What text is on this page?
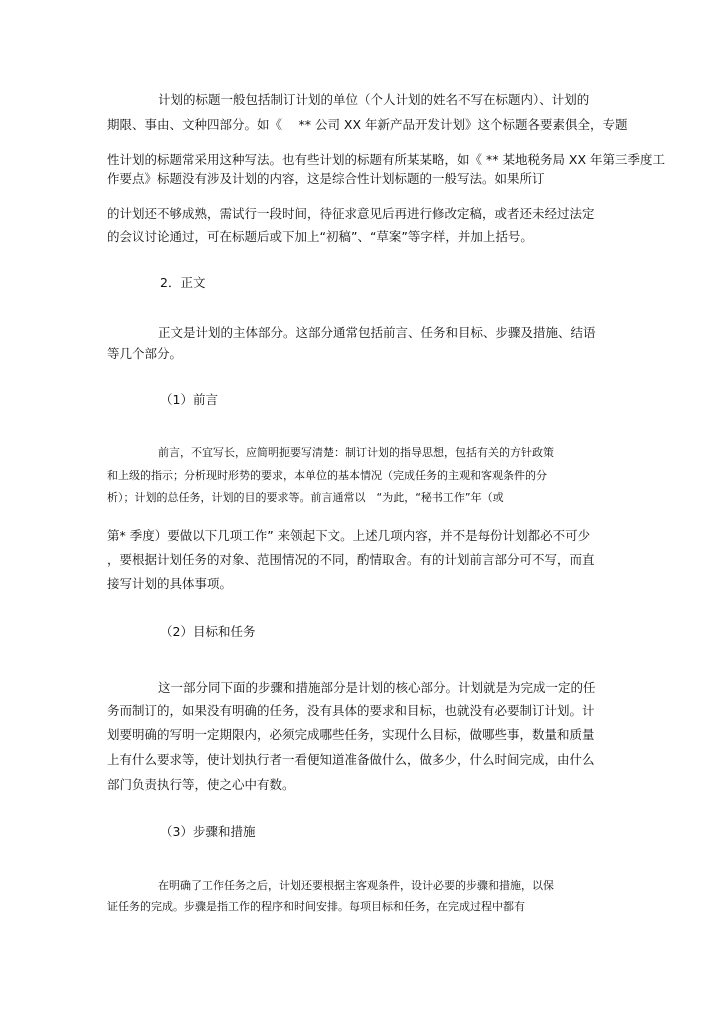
计划的标题一般包括制订计划的单位（个人计划的姓名不写在标题内）、计划的
期限、事由、文种四部分。如《　 ** 公司 XX 年新产品开发计划》这个标题各要素俱全，专题
性计划的标题常采用这种写法。也有些计划的标题有所某某略，如《 ** 某地税务局 XX 年第三季度工
作要点》标题没有涉及计划的内容，这是综合性计划标题的一般写法。如果所订
的计划还不够成熟，需试行一段时间，待征求意见后再进行修改定稿，或者还未经过法定
的会议讨论通过，可在标题后或下加上“初稿”、“草案”等字样，并加上括号。
2．正文
正文是计划的主体部分。这部分通常包括前言、任务和目标、步骤及措施、结语
等几个部分。
（1）前言
前言，不宜写长，应简明扼要写清楚：制订计划的指导思想，包括有关的方针政策
和上级的指示；分析现时形势的要求，本单位的基本情况（完成任务的主观和客观条件的分
析）；计划的总任务，计划的目的要求等。前言通常以　“为此，“秘书工作”年（或
第* 季度）要做以下几项工作” 来领起下文。上述几项内容，并不是每份计划都必不可少
，要根据计划任务的对象、范围情况的不同，酌情取舍。有的计划前言部分可不写，而直
接写计划的具体事项。
（2）目标和任务
这一部分同下面的步骤和措施部分是计划的核心部分。计划就是为完成一定的任
务而制订的，如果没有明确的任务，没有具体的要求和目标，也就没有必要制订计划。计
划要明确的写明一定期限内，必须完成哪些任务，实现什么目标，做哪些事，数量和质量
上有什么要求等，使计划执行者一看便知道准备做什么，做多少，什么时间完成，由什么
部门负责执行等，使之心中有数。
（3）步骤和措施
在明确了工作任务之后，计划还要根据主客观条件，设计必要的步骤和措施，以保
证任务的完成。步骤是指工作的程序和时间安排。每项目标和任务，在完成过程中都有
